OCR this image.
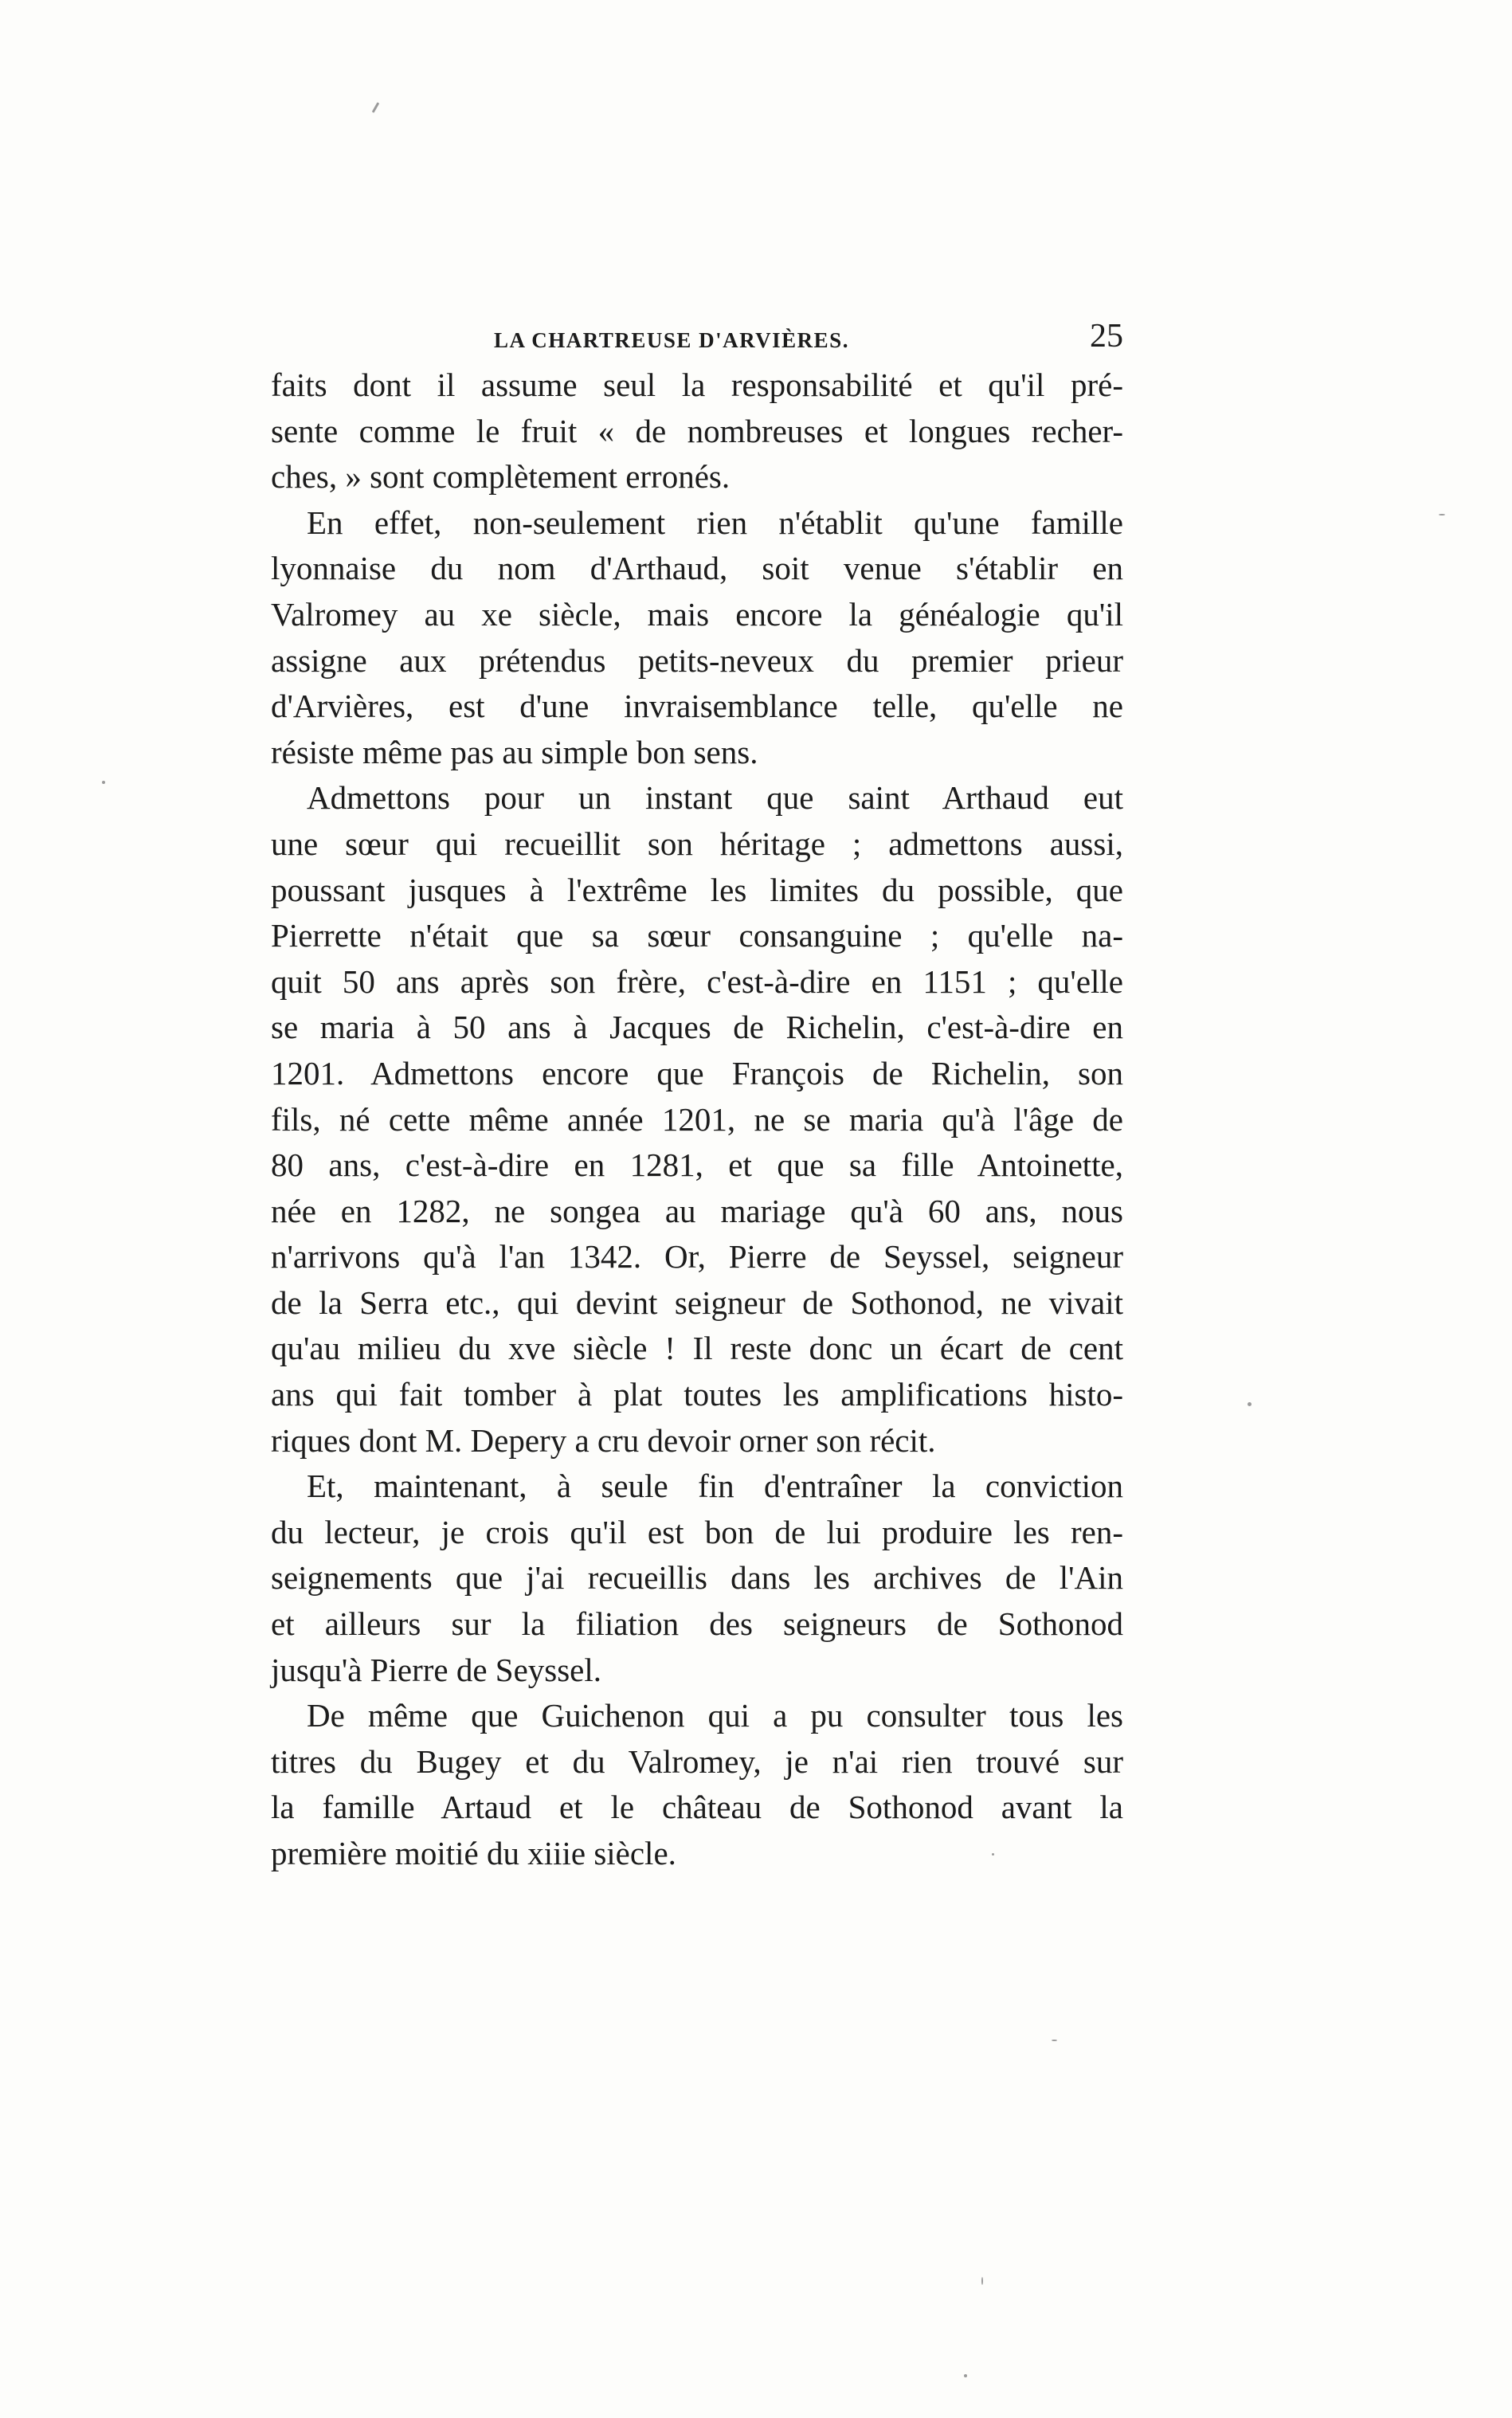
LA CHARTREUSE D'ARVIÈRES.	25
faits dont il assume seul la responsabilité et qu'il pré-
sente comme le fruit « de nombreuses et longues recher-
ches, » sont complètement erronés.
En effet, non-seulement rien n'établit qu'une famille
lyonnaise du nom d'Arthaud, soit venue s'établir en
Valromey au xe siècle, mais encore la généalogie qu'il
assigne aux prétendus petits-neveux du premier prieur
d'Arvières, est d'une invraisemblance telle, qu'elle ne
résiste même pas au simple bon sens.
Admettons pour un instant que saint Arthaud eut
une sœur qui recueillit son héritage ; admettons aussi,
poussant jusques à l'extrême les limites du possible, que
Pierrette n'était que sa sœur consanguine ; qu'elle na-
quit 50 ans après son frère, c'est-à-dire en 1151 ; qu'elle
se maria à 50 ans à Jacques de Richelin, c'est-à-dire en
1201. Admettons encore que François de Richelin, son
fils, né cette même année 1201, ne se maria qu'à l'âge de
80 ans, c'est-à-dire en 1281, et que sa fille Antoinette,
née en 1282, ne songea au mariage qu'à 60 ans, nous
n'arrivons qu'à l'an 1342. Or, Pierre de Seyssel, seigneur
de la Serra etc., qui devint seigneur de Sothonod, ne vivait
qu'au milieu du xve siècle ! Il reste donc un écart de cent
ans qui fait tomber à plat toutes les amplifications histo-
riques dont M. Depery a cru devoir orner son récit.
Et, maintenant, à seule fin d'entraîner la conviction
du lecteur, je crois qu'il est bon de lui produire les ren-
seignements que j'ai recueillis dans les archives de l'Ain
et ailleurs sur la filiation des seigneurs de Sothonod
jusqu'à Pierre de Seyssel.
De même que Guichenon qui a pu consulter tous les
titres du Bugey et du Valromey, je n'ai rien trouvé sur
la famille Artaud et le château de Sothonod avant la
première moitié du xiiie siècle.
